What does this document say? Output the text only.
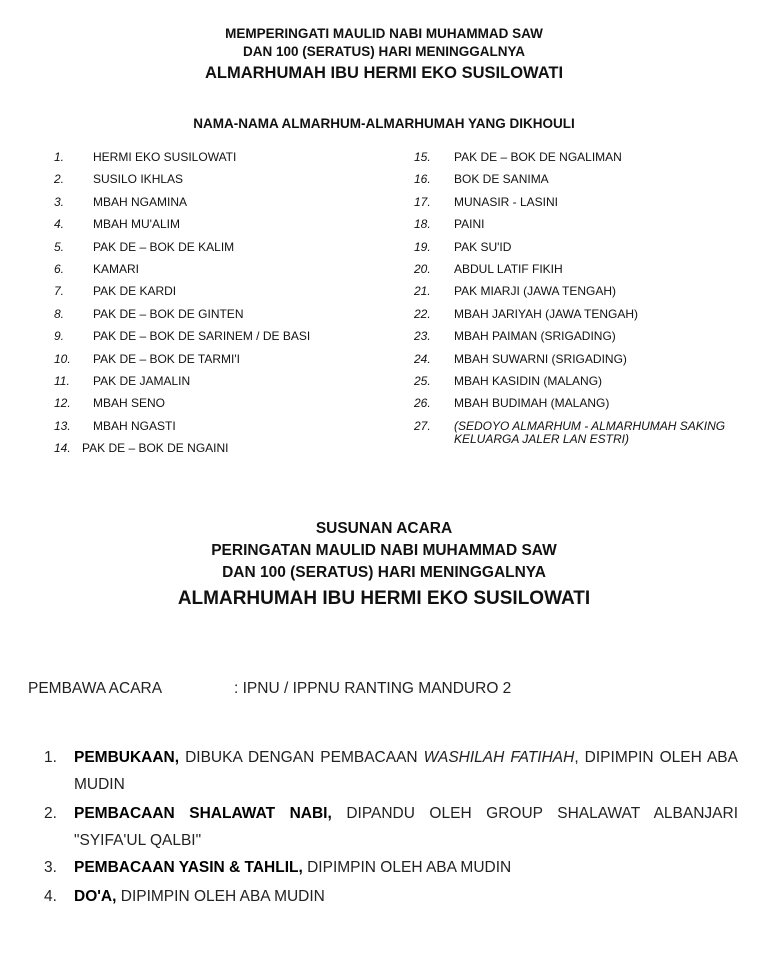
MEMPERINGATI MAULID NABI MUHAMMAD SAW
DAN 100 (SERATUS) HARI MENINGGALNYA
ALMARHUMAH IBU HERMI EKO SUSILOWATI
NAMA-NAMA ALMARHUM-ALMARHUMAH YANG DIKHOULI
1. HERMI EKO SUSILOWATI
2. SUSILO IKHLAS
3. MBAH NGAMINA
4. MBAH MU'ALIM
5. PAK DE – BOK DE KALIM
6. KAMARI
7. PAK DE KARDI
8. PAK DE – BOK DE GINTEN
9. PAK DE – BOK DE SARINEM / DE BASI
10. PAK DE – BOK DE TARMI'I
11. PAK DE JAMALIN
12. MBAH SENO
13. MBAH NGASTI
14. PAK DE – BOK DE NGAINI
15. PAK DE – BOK DE NGALIMAN
16. BOK DE SANIMA
17. MUNASIR - LASINI
18. PAINI
19. PAK SU'ID
20. ABDUL LATIF FIKIH
21. PAK MIARJI (JAWA TENGAH)
22. MBAH JARIYAH (JAWA TENGAH)
23. MBAH PAIMAN (SRIGADING)
24. MBAH SUWARNI (SRIGADING)
25. MBAH KASIDIN (MALANG)
26. MBAH BUDIMAH (MALANG)
27. (SEDOYO ALMARHUM - ALMARHUMAH SAKING
KELUARGA JALER LAN ESTRI)
SUSUNAN ACARA
PERINGATAN MAULID NABI MUHAMMAD SAW
DAN 100 (SERATUS) HARI MENINGGALNYA
ALMARHUMAH IBU HERMI EKO SUSILOWATI
PEMBAWA ACARA	: IPNU / IPPNU RANTING MANDURO 2
1. PEMBUKAAN, DIBUKA DENGAN PEMBACAAN WASHILAH FATIHAH, DIPIMPIN OLEH ABA MUDIN
2. PEMBACAAN SHALAWAT NABI, DIPANDU OLEH GROUP SHALAWAT ALBANJARI "SYIFA'UL QALBI"
3. PEMBACAAN YASIN & TAHLIL, DIPIMPIN OLEH ABA MUDIN
4. DO'A, DIPIMPIN OLEH ABA MUDIN
